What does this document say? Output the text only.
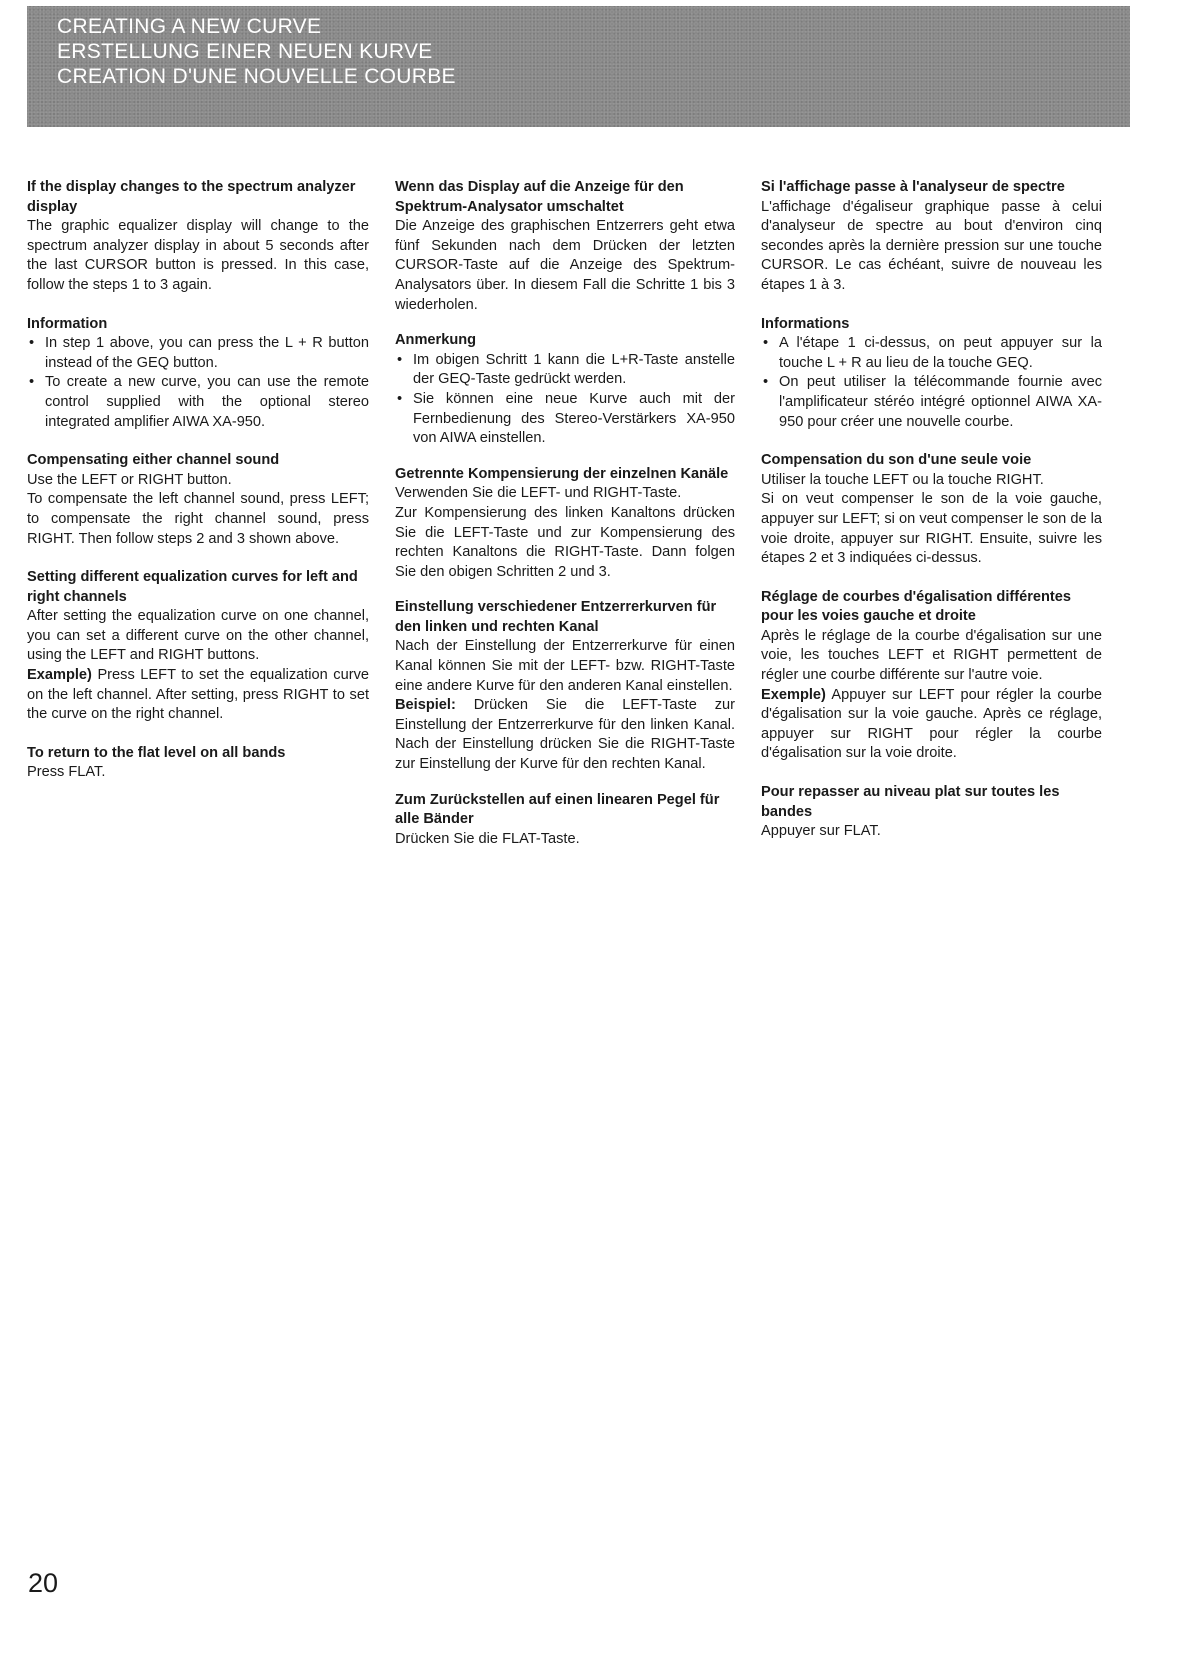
CREATING A NEW CURVE
ERSTELLUNG EINER NEUEN KURVE
CREATION D'UNE NOUVELLE COURBE
If the display changes to the spectrum analyzer display

The graphic equalizer display will change to the spectrum analyzer display in about 5 seconds after the last CURSOR button is pressed. In this case, follow the steps 1 to 3 again.

Information
• In step 1 above, you can press the L + R button instead of the GEQ button.
• To create a new curve, you can use the remote control supplied with the optional stereo integrated amplifier AIWA XA-950.
Compensating either channel sound

Use the LEFT or RIGHT button.

To compensate the left channel sound, press LEFT; to compensate the right channel sound, press RIGHT. Then follow steps 2 and 3 shown above.

Setting different equalization curves for left and right channels

After setting the equalization curve on one channel, you can set a different curve on the other channel, using the LEFT and RIGHT buttons.

Example) Press LEFT to set the equalization curve on the left channel. After setting, press RIGHT to set the curve on the right channel.

To return to the flat level on all bands

Press FLAT.

Wenn das Display auf die Anzeige für den Spektrum-Analysator umschaltet

Die Anzeige des graphischen Entzerrers geht etwa fünf Sekunden nach dem Drücken der letzten CURSOR-Taste auf die Anzeige des Spektrum-Analysators über. In diesem Fall die Schritte 1 bis 3 wiederholen.

Anmerkung
• Im obigen Schritt 1 kann die L+R-Taste anstelle der GEQ-Taste gedrückt werden.
• Sie können eine neue Kurve auch mit der Fernbedienung des Stereo-Verstärkers XA-950 von AIWA einstellen.
Getrennte Kompensierung der einzelnen Kanäle

Verwenden Sie die LEFT- und RIGHT-Taste.

Zur Kompensierung des linken Kanaltons drücken Sie die LEFT-Taste und zur Kompensierung des rechten Kanaltons die RIGHT-Taste. Dann folgen Sie den obigen Schritten 2 und 3.

Einstellung verschiedener Entzerrerkurven für den linken und rechten Kanal

Nach der Einstellung der Entzerrerkurve für einen Kanal können Sie mit der LEFT- bzw. RIGHT-Taste eine andere Kurve für den anderen Kanal einstellen.

Beispiel: Drücken Sie die LEFT-Taste zur Einstellung der Entzerrerkurve für den linken Kanal. Nach der Einstellung drücken Sie die RIGHT-Taste zur Einstellung der Kurve für den rechten Kanal.

Zum Zurückstellen auf einen linearen Pegel für alle Bänder

Drücken Sie die FLAT-Taste.

Si l'affichage passe à l'analyseur de spectre

L'affichage d'égaliseur graphique passe à celui d'analyseur de spectre au bout d'environ cinq secondes après la dernière pression sur une touche CURSOR. Le cas échéant, suivre de nouveau les étapes 1 à 3.

Informations
• A l'étape 1 ci-dessus, on peut appuyer sur la touche L + R au lieu de la touche GEQ.
• On peut utiliser la télécommande fournie avec l'amplificateur stéréo intégré optionnel AIWA XA-950 pour créer une nouvelle courbe.
Compensation du son d'une seule voie

Utiliser la touche LEFT ou la touche RIGHT.

Si on veut compenser le son de la voie gauche, appuyer sur LEFT; si on veut compenser le son de la voie droite, appuyer sur RIGHT. Ensuite, suivre les étapes 2 et 3 indiquées ci-dessus.

Réglage de courbes d'égalisation différentes pour les voies gauche et droite

Après le réglage de la courbe d'égalisation sur une voie, les touches LEFT et RIGHT permettent de régler une courbe différente sur l'autre voie.

Exemple) Appuyer sur LEFT pour régler la courbe d'égalisation sur la voie gauche. Après ce réglage, appuyer sur RIGHT pour régler la courbe d'égalisation sur la voie droite.

Pour repasser au niveau plat sur toutes les bandes

Appuyer sur FLAT.

20
